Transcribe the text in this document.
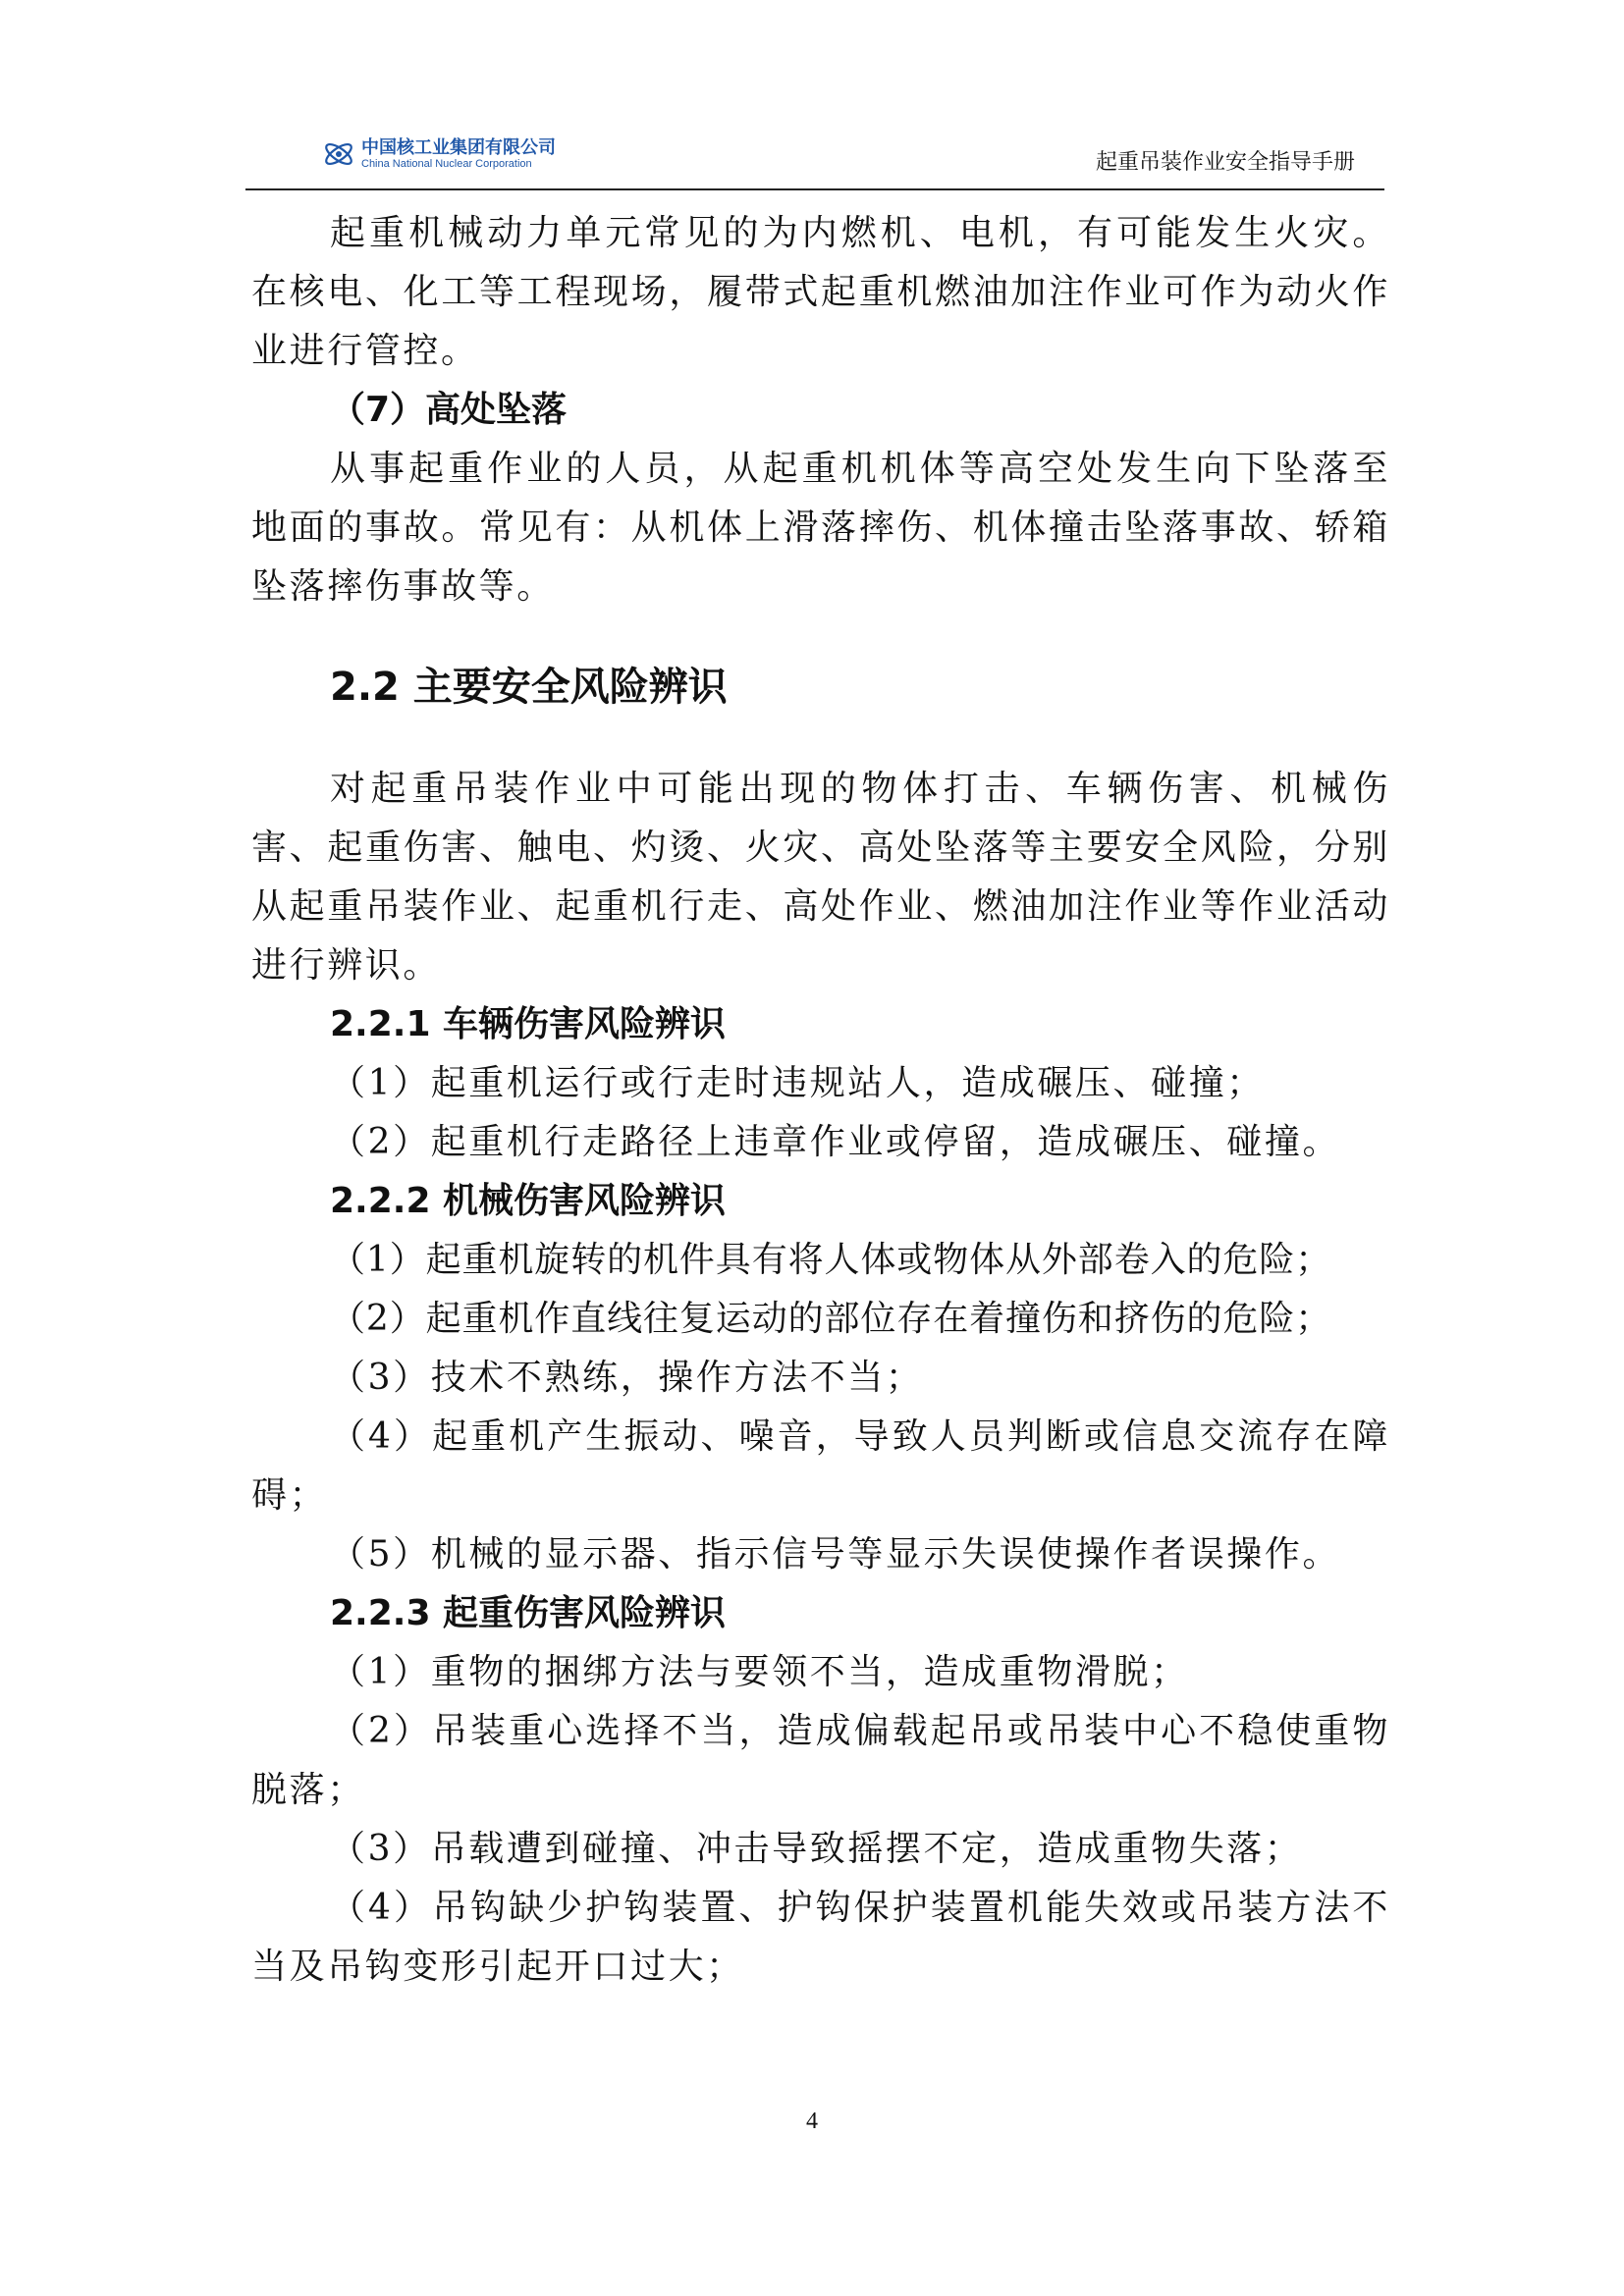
中国核工业集团有限公司
China National Nuclear Corporation	起重吊装作业安全指导手册

起重机械动力单元常见的为内燃机、电机，有可能发生火灾。在核电、化工等工程现场，履带式起重机燃油加注作业可作为动火作业进行管控。

（7）高处坠落

从事起重作业的人员，从起重机机体等高空处发生向下坠落至地面的事故。常见有：从机体上滑落摔伤、机体撞击坠落事故、轿箱坠落摔伤事故等。

2.2 主要安全风险辨识

对起重吊装作业中可能出现的物体打击、车辆伤害、机械伤害、起重伤害、触电、灼烫、火灾、高处坠落等主要安全风险，分别从起重吊装作业、起重机行走、高处作业、燃油加注作业等作业活动进行辨识。

2.2.1 车辆伤害风险辨识

（1）起重机运行或行走时违规站人，造成碾压、碰撞；

（2）起重机行走路径上违章作业或停留，造成碾压、碰撞。

2.2.2 机械伤害风险辨识

（1）起重机旋转的机件具有将人体或物体从外部卷入的危险；

（2）起重机作直线往复运动的部位存在着撞伤和挤伤的危险；

（3）技术不熟练，操作方法不当；

（4）起重机产生振动、噪音，导致人员判断或信息交流存在障碍；

（5）机械的显示器、指示信号等显示失误使操作者误操作。

2.2.3 起重伤害风险辨识

（1）重物的捆绑方法与要领不当，造成重物滑脱；

（2）吊装重心选择不当，造成偏载起吊或吊装中心不稳使重物脱落；

（3）吊载遭到碰撞、冲击导致摇摆不定，造成重物失落；

（4）吊钩缺少护钩装置、护钩保护装置机能失效或吊装方法不当及吊钩变形引起开口过大；

4
